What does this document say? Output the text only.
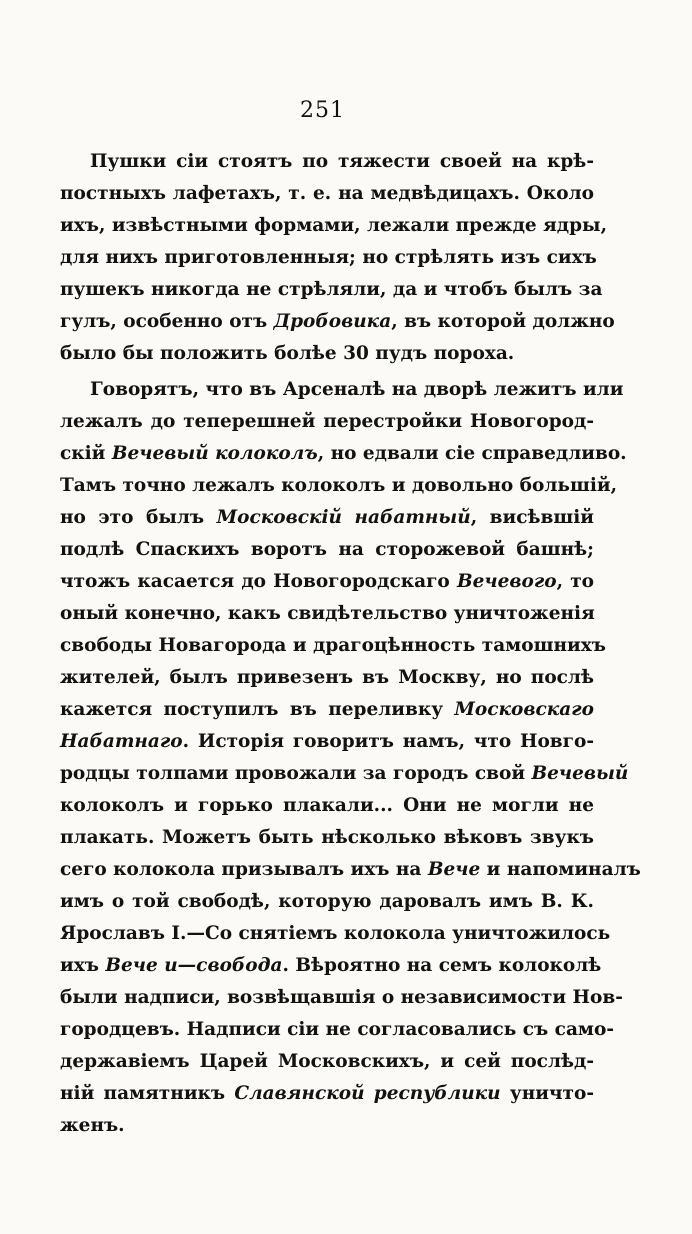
251
Пушки сіи стоятъ по тяжести своей на крѣ-
постныхъ лафетахъ, т. е. на медвѣдицахъ. Около
ихъ, извѣстными формами, лежали прежде ядры,
для нихъ приготовленныя; но стрѣлять изъ сихъ
пушекъ никогда не стрѣляли, да и чтобъ былъ за
гулъ, особенно отъ Дробовика, въ которой должно
было бы положить болѣе 30 пудъ пороха.
Говорятъ, что въ Арсеналѣ на дворѣ лежитъ или
лежалъ до теперешней перестройки Новогород-
скій Вечевый колоколъ, но едвали сіе справедливо.
Тамъ точно лежалъ колоколъ и довольно большій,
но это былъ Московскій набатный, висѣвшій
подлѣ Спаскихъ воротъ на сторожевой башнѣ;
чтожъ касается до Новогородскаго Вечевого, то
оный конечно, какъ свидѣтельство уничтоженія
свободы Новагорода и драгоцѣнность тамошнихъ
жителей, былъ привезенъ въ Москву, но послѣ
кажется поступилъ въ переливку Московскаго
Набатнаго. Исторія говоритъ намъ, что Новго-
родцы толпами провожали за городъ свой Вечевый
колоколъ и горько плакали... Они не могли не
плакать. Можетъ быть нѣсколько вѣковъ звукъ
сего колокола призывалъ ихъ на Вече и напоминалъ
имъ о той свободѣ, которую даровалъ имъ В. К.
Ярославъ I.—Со снятіемъ колокола уничтожилось
ихъ Вече и—свобода. Вѣроятно на семъ колоколѣ
были надписи, возвѣщавшія о независимости Нов-
городцевъ. Надписи сіи не согласовались съ само-
державіемъ Царей Московскихъ, и сей послѣд-
ній памятникъ Славянской республики уничто-
женъ.
